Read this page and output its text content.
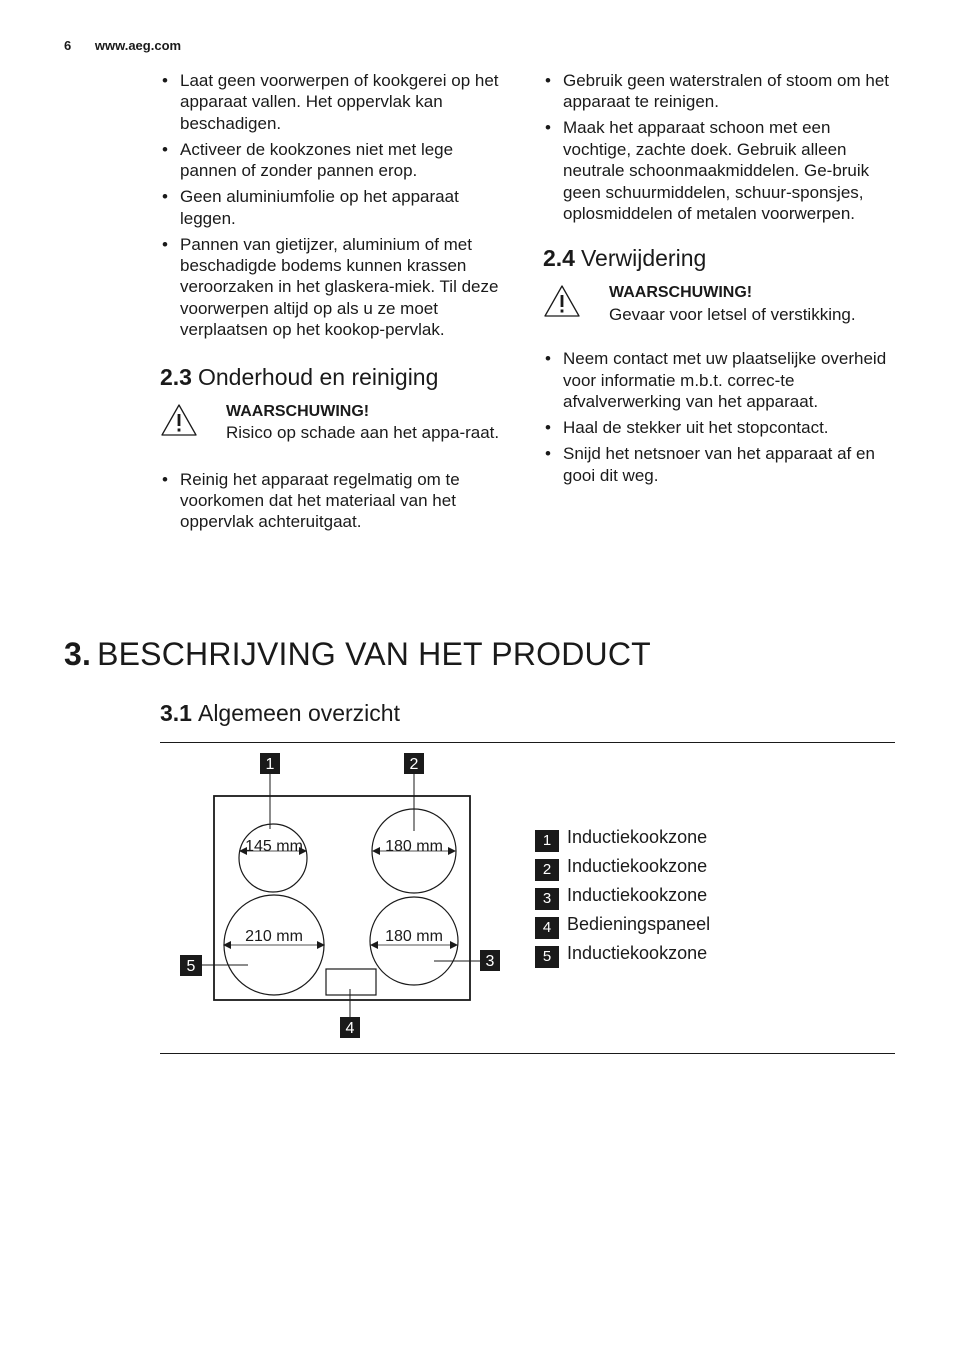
6 www.aeg.com
• Laat geen voorwerpen of kookgerei op het apparaat vallen. Het oppervlak kan beschadigen.
• Activeer de kookzones niet met lege pannen of zonder pannen erop.
• Geen aluminiumfolie op het apparaat leggen.
• Pannen van gietijzer, aluminium of met beschadigde bodems kunnen krassen veroorzaken in het glaskera-miek. Til deze voorwerpen altijd op als u ze moet verplaatsen op het kookop-pervlak.
2.3 Onderhoud en reiniging
WAARSCHUWING!
Risico op schade aan het appa-raat.
• Reinig het apparaat regelmatig om te voorkomen dat het materiaal van het oppervlak achteruitgaat.
• Gebruik geen waterstralen of stoom om het apparaat te reinigen.
• Maak het apparaat schoon met een vochtige, zachte doek. Gebruik alleen neutrale schoonmaakmiddelen. Ge-bruik geen schuurmiddelen, schuur-sponsjes, oplosmiddelen of metalen voorwerpen.
2.4 Verwijdering
WAARSCHUWING!
Gevaar voor letsel of verstikking.
• Neem contact met uw plaatselijke overheid voor informatie m.b.t. correc-te afvalverwerking van het apparaat.
• Haal de stekker uit het stopcontact.
• Snijd het netsnoer van het apparaat af en gooi dit weg.
3. BESCHRIJVING VAN HET PRODUCT
3.1 Algemeen overzicht
145 mm	180 mm
210 mm	180 mm
1	2
3
4
5
1 Inductiekookzone
2 Inductiekookzone
3 Inductiekookzone
4 Bedieningspaneel
5 Inductiekookzone
